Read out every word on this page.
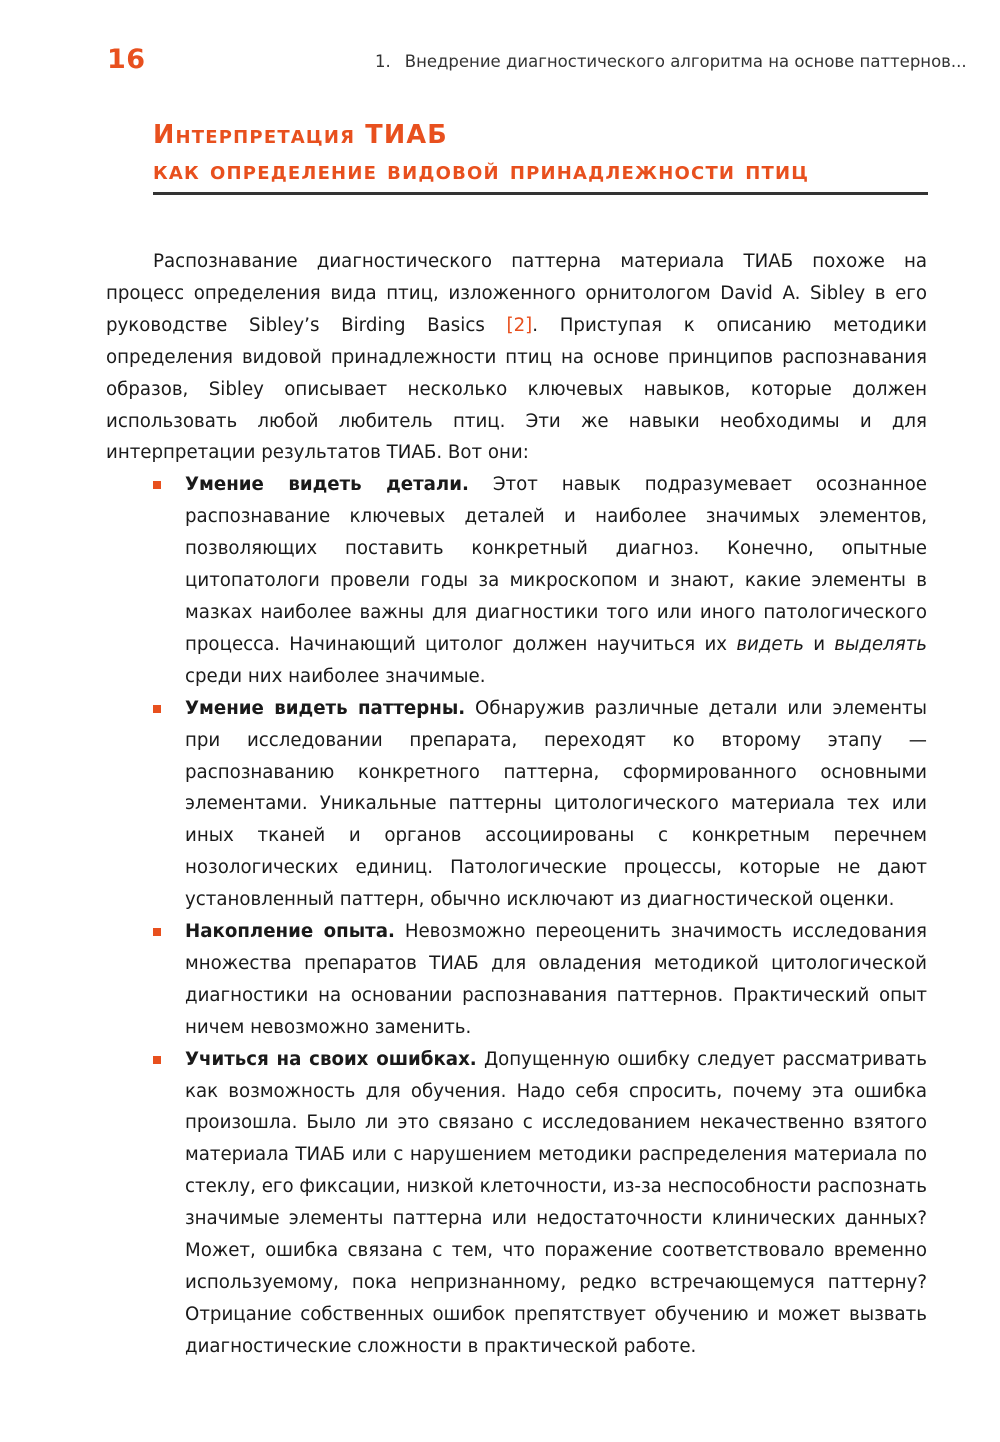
16	1. Внедрение диагностического алгоритма на основе паттернов...
Интерпретация ТИАБ
как определение видовой принадлежности птиц

Распознавание диагностического паттерна материала ТИАБ похоже на процесс определения вида птиц, изложенного орнитологом David A. Sibley в его руководстве Sibley’s Birding Basics [2]. Приступая к описанию методики определения видовой принадлежности птиц на основе принципов распознавания образов, Sibley описывает несколько ключевых навыков, которые должен использовать любой любитель птиц. Эти же навыки необходимы и для интерпретации результатов ТИАБ. Вот они:

Умение видеть детали. Этот навык подразумевает осознанное распознавание ключевых деталей и наиболее значимых элементов, позволяющих поставить конкретный диагноз. Конечно, опытные цитопатологи провели годы за микроскопом и знают, какие элементы в мазках наиболее важны для диагностики того или иного патологического процесса. Начинающий цитолог должен научиться их видеть и выделять среди них наиболее значимые.
Умение видеть паттерны. Обнаружив различные детали или элементы при исследовании препарата, переходят ко второму этапу — распознаванию конкретного паттерна, сформированного основными элементами. Уникальные паттерны цитологического материала тех или иных тканей и органов ассоциированы с конкретным перечнем нозологических единиц. Патологические процессы, которые не дают установленный паттерн, обычно исключают из диагностической оценки.
Накопление опыта. Невозможно переоценить значимость исследования множества препаратов ТИАБ для овладения методикой цитологической диагностики на основании распознавания паттернов. Практический опыт ничем невозможно заменить.
Учиться на своих ошибках. Допущенную ошибку следует рассматривать как возможность для обучения. Надо себя спросить, почему эта ошибка произошла. Было ли это связано с исследованием некачественно взятого материала ТИАБ или с нарушением методики распределения материала по стеклу, его фиксации, низкой клеточности, из-за неспособности распознать значимые элементы паттерна или недостаточности клинических данных? Может, ошибка связана с тем, что поражение соответствовало временно используемому, пока непризнанному, редко встречающемуся паттерну? Отрицание собственных ошибок препятствует обучению и может вызвать диагностические сложности в практической работе.
